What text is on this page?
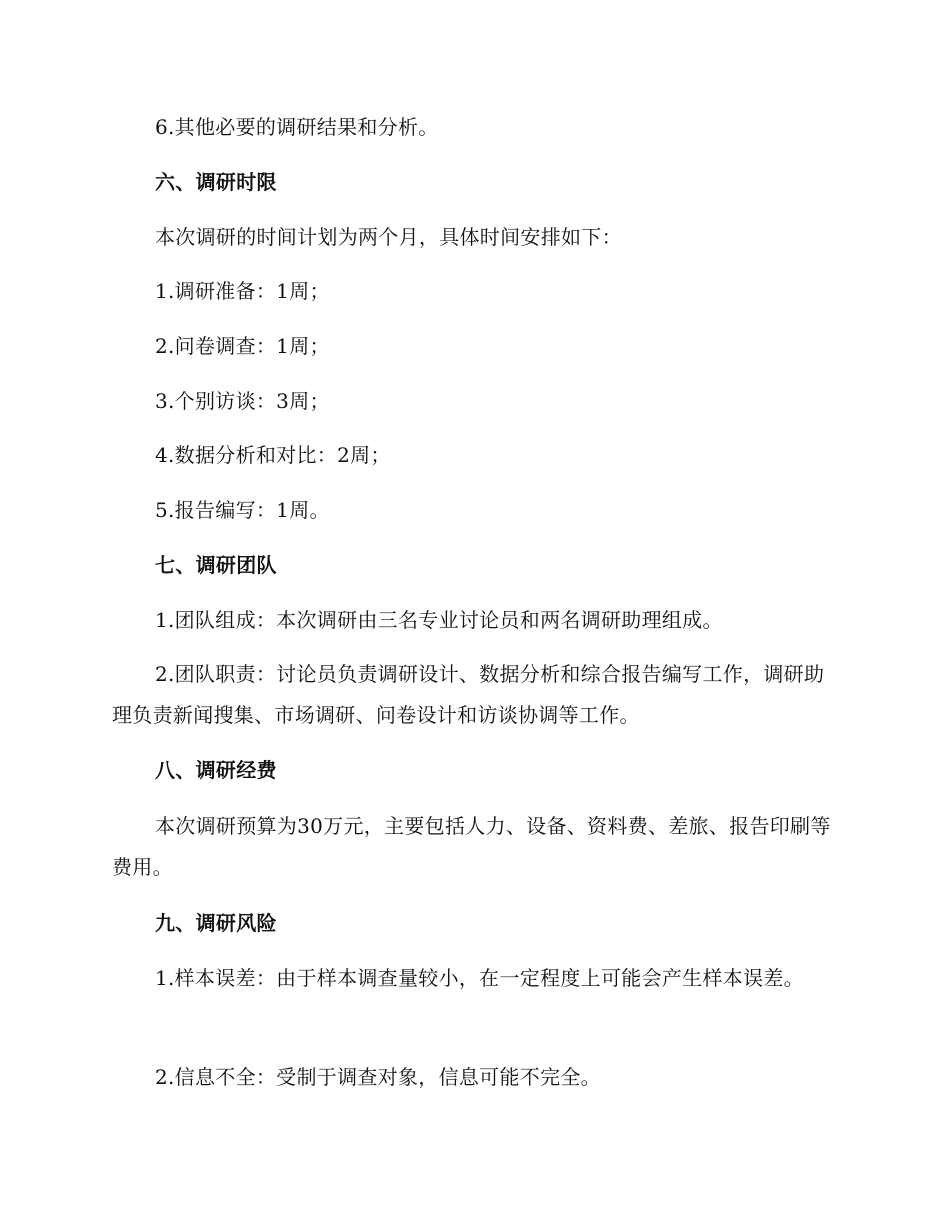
6.其他必要的调研结果和分析。

六、调研时限

本次调研的时间计划为两个月，具体时间安排如下：

1.调研准备：1周；

2.问卷调查：1周；

3.个别访谈：3周；

4.数据分析和对比：2周；

5.报告编写：1周。

七、调研团队

1.团队组成：本次调研由三名专业讨论员和两名调研助理组成。

2.团队职责：讨论员负责调研设计、数据分析和综合报告编写工作，调研助理负责新闻搜集、市场调研、问卷设计和访谈协调等工作。

八、调研经费

本次调研预算为30万元，主要包括人力、设备、资料费、差旅、报告印刷等费用。

九、调研风险

1.样本误差：由于样本调查量较小，在一定程度上可能会产生样本误差。

2.信息不全：受制于调查对象，信息可能不完全。
